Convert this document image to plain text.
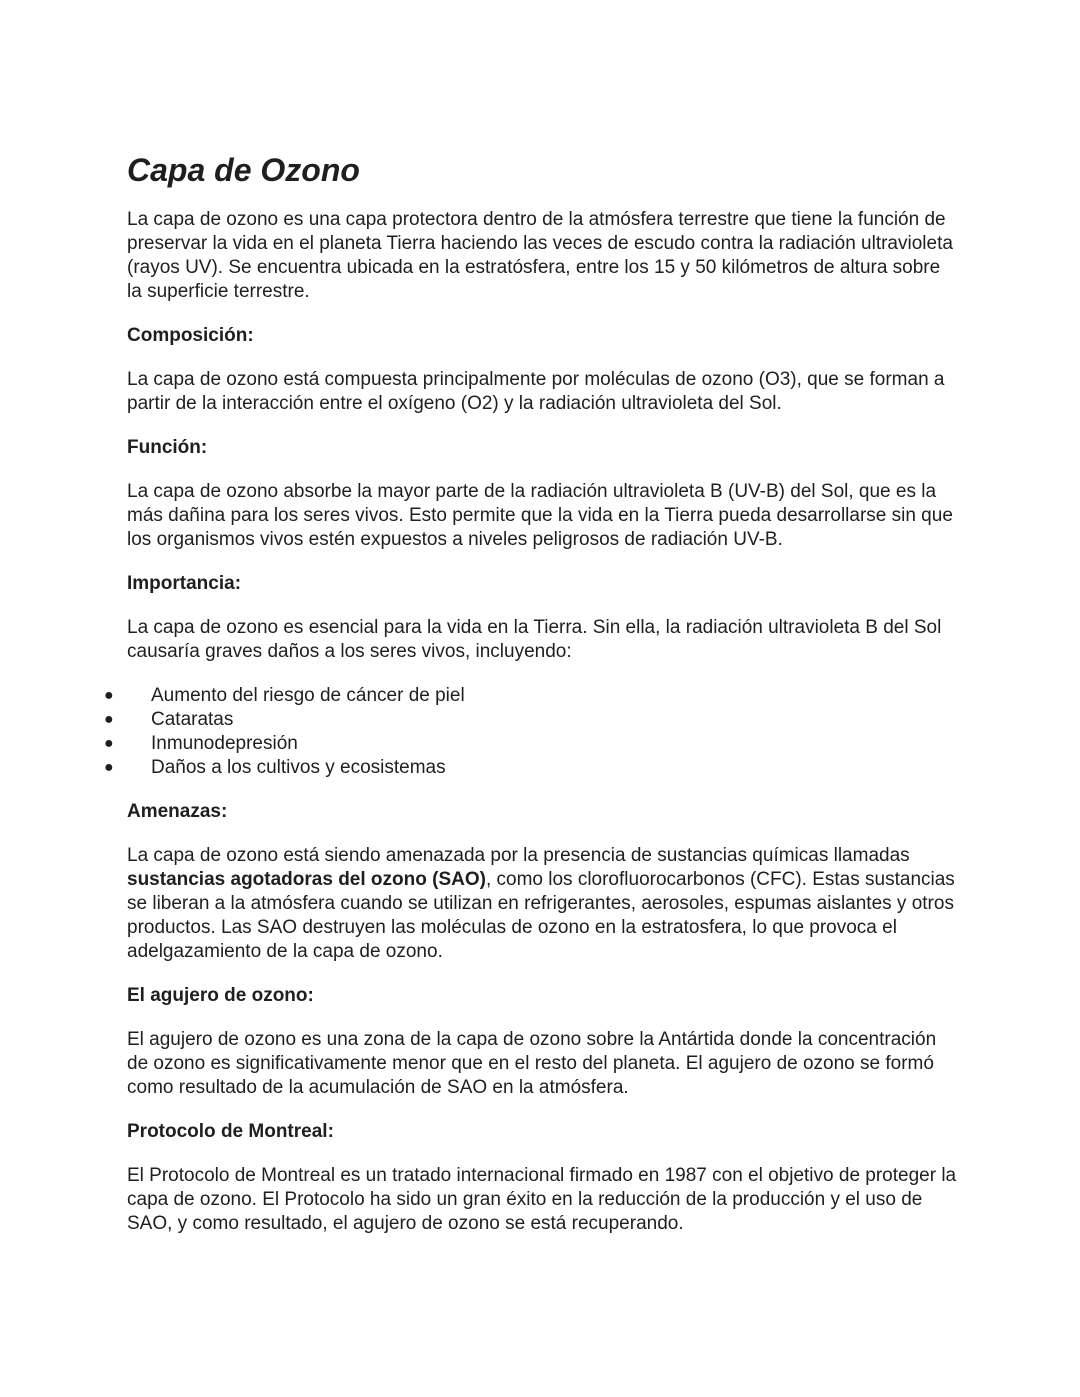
Capa de Ozono

La capa de ozono es una capa protectora dentro de la atmósfera terrestre que tiene la función de preservar la vida en el planeta Tierra haciendo las veces de escudo contra la radiación ultravioleta (rayos UV). Se encuentra ubicada en la estratósfera, entre los 15 y 50 kilómetros de altura sobre la superficie terrestre.

Composición:

La capa de ozono está compuesta principalmente por moléculas de ozono (O3), que se forman a partir de la interacción entre el oxígeno (O2) y la radiación ultravioleta del Sol.

Función:

La capa de ozono absorbe la mayor parte de la radiación ultravioleta B (UV-B) del Sol, que es la más dañina para los seres vivos. Esto permite que la vida en la Tierra pueda desarrollarse sin que los organismos vivos estén expuestos a niveles peligrosos de radiación UV-B.

Importancia:

La capa de ozono es esencial para la vida en la Tierra. Sin ella, la radiación ultravioleta B del Sol causaría graves daños a los seres vivos, incluyendo:

●	Aumento del riesgo de cáncer de piel
●	Cataratas
●	Inmunodepresión
●	Daños a los cultivos y ecosistemas
Amenazas:

La capa de ozono está siendo amenazada por la presencia de sustancias químicas llamadas sustancias agotadoras del ozono (SAO), como los clorofluorocarbonos (CFC). Estas sustancias se liberan a la atmósfera cuando se utilizan en refrigerantes, aerosoles, espumas aislantes y otros productos. Las SAO destruyen las moléculas de ozono en la estratosfera, lo que provoca el adelgazamiento de la capa de ozono.

El agujero de ozono:

El agujero de ozono es una zona de la capa de ozono sobre la Antártida donde la concentración de ozono es significativamente menor que en el resto del planeta. El agujero de ozono se formó como resultado de la acumulación de SAO en la atmósfera.

Protocolo de Montreal:

El Protocolo de Montreal es un tratado internacional firmado en 1987 con el objetivo de proteger la capa de ozono. El Protocolo ha sido un gran éxito en la reducción de la producción y el uso de SAO, y como resultado, el agujero de ozono se está recuperando.
